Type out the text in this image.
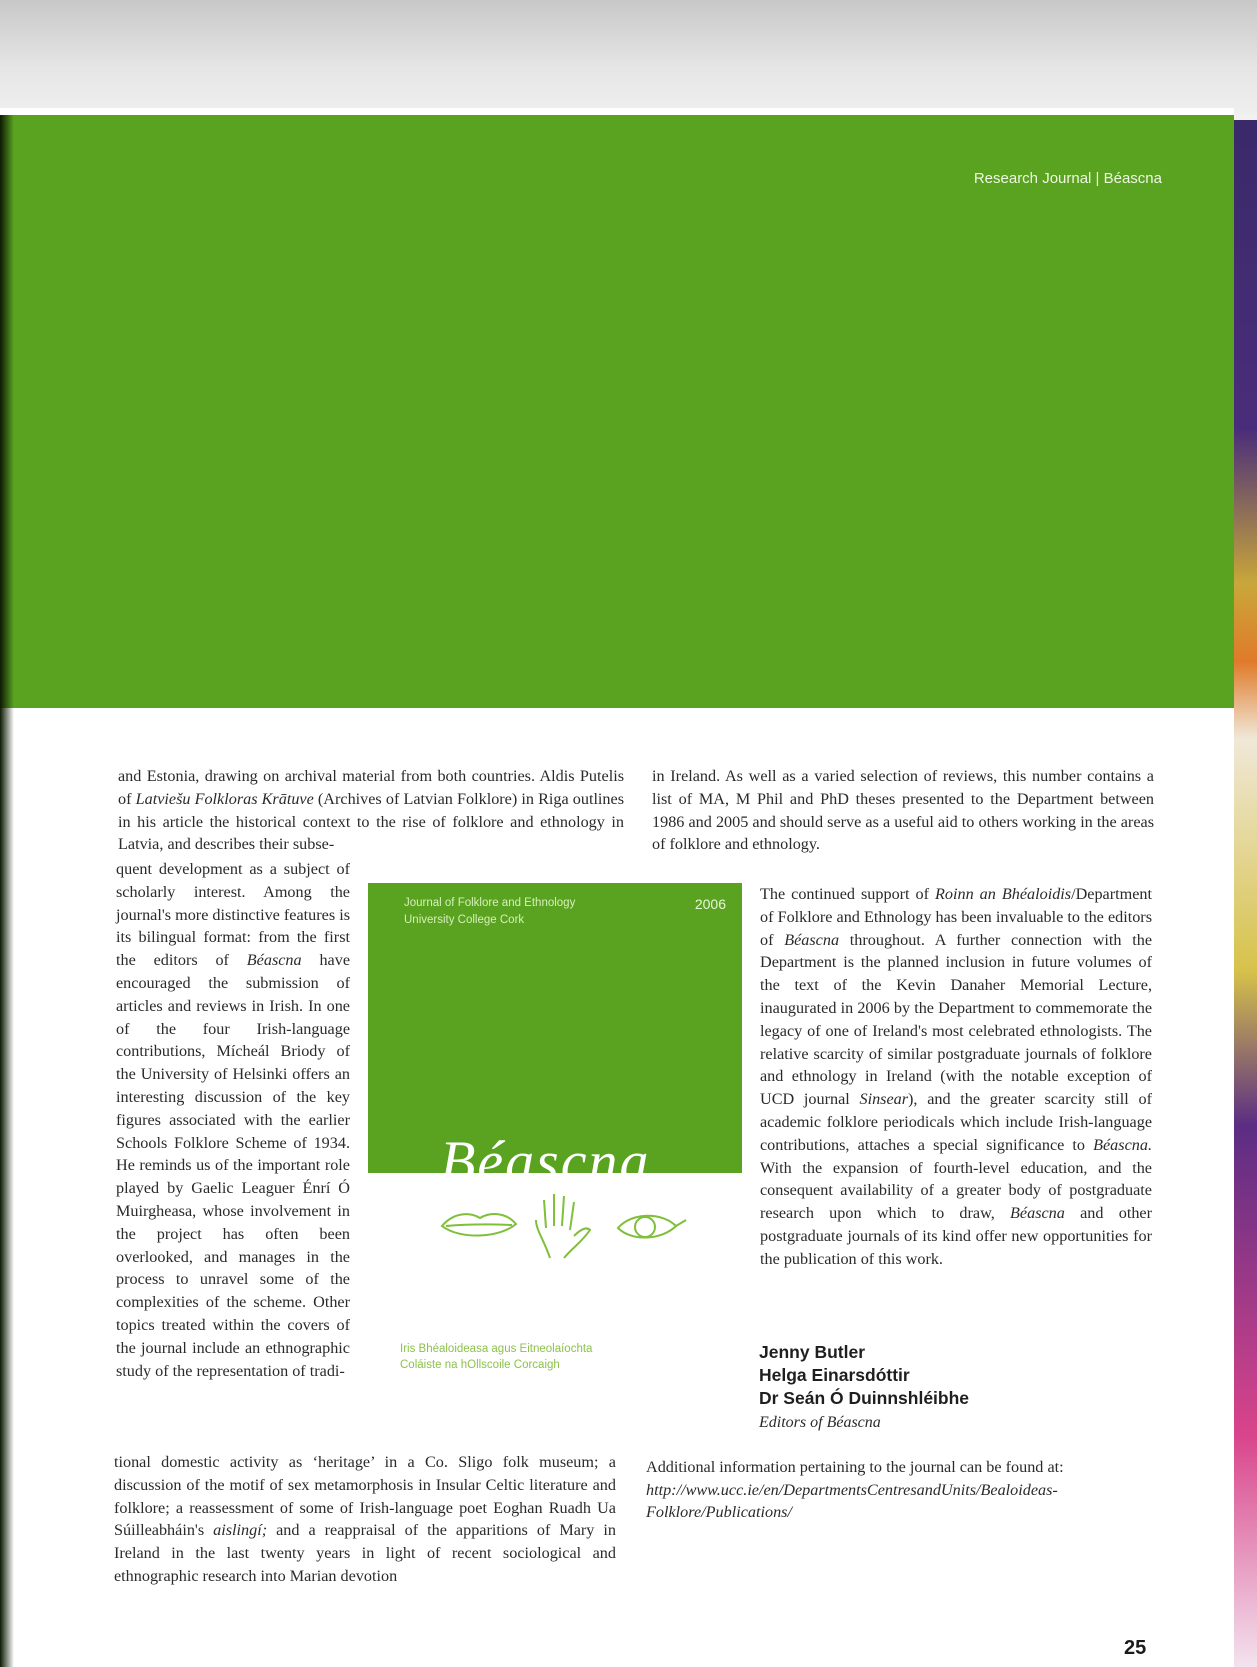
Research Journal | Béascna

and Estonia, drawing on archival material from both countries. Aldis Putelis of Latviešu Folkloras Krātuve (Archives of Latvian Folklore) in Riga outlines in his article the historical context to the rise of folklore and ethnology in Latvia, and describes their subse-

quent development as a subject of scholarly interest. Among the journal's more distinctive features is its bilingual format: from the first the editors of Béascna have encouraged the submission of articles and reviews in Irish. In one of the four Irish-language contributions, Mícheál Briody of the University of Helsinki offers an interesting discussion of the key figures associated with the earlier Schools Folklore Scheme of 1934. He reminds us of the important role played by Gaelic Leaguer Énrí Ó Muirgheasa, whose involvement in the project has often been overlooked, and manages in the process to unravel some of the complexities of the scheme. Other topics treated within the covers of the journal include an ethnographic study of the representation of tradi-

tional domestic activity as ‘heritage’ in a Co. Sligo folk museum; a discussion of the motif of sex metamorphosis in Insular Celtic literature and folklore; a reassessment of some of Irish-language poet Eoghan Ruadh Ua Súilleabháin's aislingí; and a reappraisal of the apparitions of Mary in Ireland in the last twenty years in light of recent sociological and ethnographic research into Marian devotion

in Ireland. As well as a varied selection of reviews, this number contains a list of MA, M Phil and PhD theses presented to the Department between 1986 and 2005 and should serve as a useful aid to others working in the areas of folklore and ethnology.

The continued support of Roinn an Bhéaloidis/Department of Folklore and Ethnology has been invaluable to the editors of Béascna throughout. A further connection with the Department is the planned inclusion in future volumes of the text of the Kevin Danaher Memorial Lecture, inaugurated in 2006 by the Department to commemorate the legacy of one of Ireland's most celebrated ethnologists. The relative scarcity of similar postgraduate journals of folklore and ethnology in Ireland (with the notable exception of UCD journal Sinsear), and the greater scarcity still of academic folklore periodicals which include Irish-language contributions, attaches a special significance to Béascna. With the expansion of fourth-level education, and the consequent availability of a greater body of postgraduate research upon which to draw, Béascna and other postgraduate journals of its kind offer new opportunities for the publication of this work.

Journal of Folklore and Ethnology
University College Cork
2006
Béascna
Iris Bhéaloideasa agus Eitneolaíochta
Coláiste na hOllscoile Corcaigh
Jenny Butler
Helga Einarsdóttir
Dr Seán Ó Duinnshléibhe
Editors of Béascna
Additional information pertaining to the journal can be found at:
http://www.ucc.ie/en/DepartmentsCentresandUnits/Bealoideas-Folklore/Publications/
25
